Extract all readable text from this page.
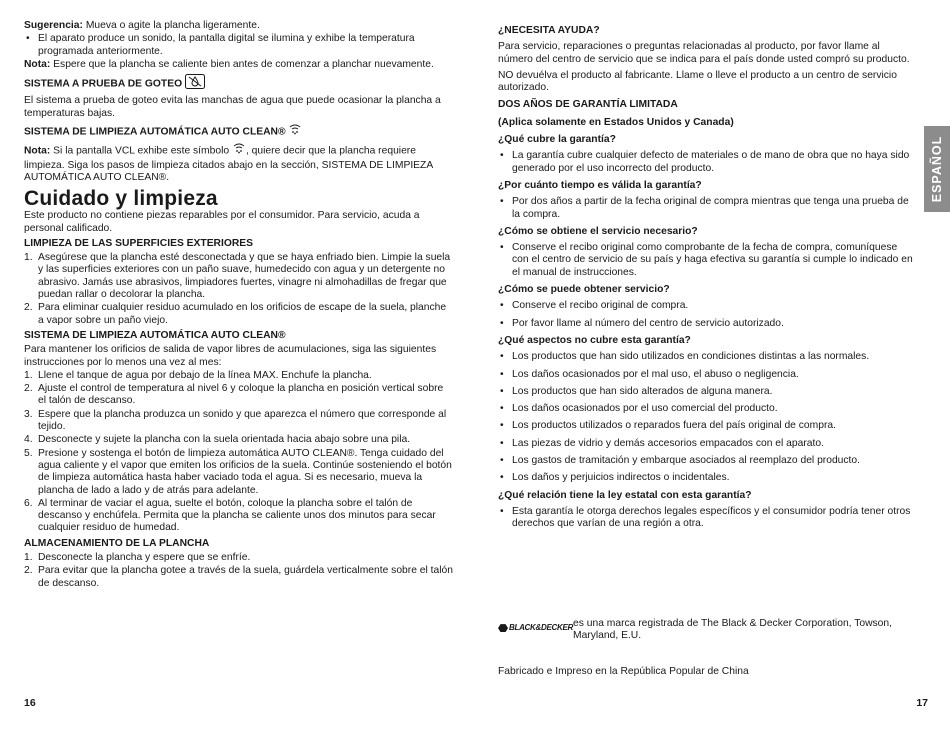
Sugerencia: Mueva o agite la plancha ligeramente.

• El aparato produce un sonido, la pantalla digital se ilumina y exhibe la temperatura programada anteriormente.

Nota: Espere que la plancha se caliente bien antes de comenzar a planchar nuevamente.

SISTEMA A PRUEBA DE GOTEO

El sistema a prueba de goteo evita las manchas de agua que puede ocasionar la plancha a temperaturas bajas.

SISTEMA DE LIMPIEZA AUTOMÁTICA AUTO CLEAN®

Nota: Si la pantalla VCL exhibe este símbolo , quiere decir que la plancha requiere limpieza. Siga los pasos de limpieza citados abajo en la sección, SISTEMA DE LIMPIEZA AUTOMÁTICA AUTO CLEAN®.

Cuidado y limpieza

Este producto no contiene piezas reparables por el consumidor. Para servicio, acuda a personal calificado.

LIMPIEZA DE LAS SUPERFICIES EXTERIORES

1. Asegúrese que la plancha esté desconectada y que se haya enfriado bien. Limpie la suela y las superficies exteriores con un paño suave, humedecido con agua y un detergente no abrasivo. Jamás use abrasivos, limpiadores fuertes, vinagre ni almohadillas de fregar que puedan rallar o decolorar la plancha.
2. Para eliminar cualquier residuo acumulado en los orificios de escape de la suela, planche a vapor sobre un paño viejo.

SISTEMA DE LIMPIEZA AUTOMÁTICA AUTO CLEAN®

Para mantener los orificios de salida de vapor libres de acumulaciones, siga las siguientes instrucciones por lo menos una vez al mes:

1. Llene el tanque de agua por debajo de la línea MAX. Enchufe la plancha.
2. Ajuste el control de temperatura al nivel 6 y coloque la plancha en posición vertical sobre el talón de descanso.
3. Espere que la plancha produzca un sonido y que aparezca el número que corresponde al tejido.
4. Desconecte y sujete la plancha con la suela orientada hacia abajo sobre una pila.
5. Presione y sostenga el botón de limpieza automática AUTO CLEAN®. Tenga cuidado del agua caliente y el vapor que emiten los orificios de la suela. Continúe sosteniendo el botón de limpieza automática hasta haber vaciado toda el agua. Si es necesario, mueva la plancha de lado a lado y de atrás para adelante.
6. Al terminar de vaciar el agua, suelte el botón, coloque la plancha sobre el talón de descanso y enchúfela. Permita que la plancha se caliente unos dos minutos para secar cualquier residuo de humedad.

ALMACENAMIENTO DE LA PLANCHA

1. Desconecte la plancha y espere que se enfríe.
2. Para evitar que la plancha gotee a través de la suela, guárdela verticalmente sobre el talón de descanso.
16

¿NECESITA AYUDA?

Para servicio, reparaciones o preguntas relacionadas al producto, por favor llame al número del centro de servicio que se indica para el país donde usted compró su producto.

NO devuélva el producto al fabricante. Llame o lleve el producto a un centro de servicio autorizado.

DOS AÑOS DE GARANTÍA LIMITADA

(Aplica solamente en Estados Unidos y Canada)

¿Qué cubre la garantía?

• La garantía cubre cualquier defecto de materiales o de mano de obra que no haya sido generado por el uso incorrecto del producto.

¿Por cuánto tiempo es válida la garantía?

• Por dos años a partir de la fecha original de compra mientras que tenga una prueba de la compra.

¿Cómo se obtiene el servicio necesario?

• Conserve el recibo original como comprobante de la fecha de compra, comuníquese con el centro de servicio de su país y haga efectiva su garantía si cumple lo indicado en el manual de instrucciones.

¿Cómo se puede obtener servicio?

• Conserve el recibo original de compra.
• Por favor llame al número del centro de servicio autorizado.

¿Qué aspectos no cubre esta garantía?

• Los productos que han sido utilizados en condiciones distintas a las normales.
• Los daños ocasionados por el mal uso, el abuso o negligencia.
• Los productos que han sido alterados de alguna manera.
• Los daños ocasionados por el uso comercial del producto.
• Los productos utilizados o reparados fuera del país original de compra.
• Las piezas de vidrio y demás accesorios empacados con el aparato.
• Los gastos de tramitación y embarque asociados al reemplazo del producto.
• Los daños y perjuicios indirectos o incidentales.

¿Qué relación tiene la ley estatal con esta garantía?

• Esta garantía le otorga derechos legales específicos y el consumidor podría tener otros derechos que varían de una región a otra.
BLACK&DECKER es una marca registrada de The Black & Decker Corporation, Towson, Maryland, E.U.
Fabricado e Impreso en la República Popular de China
ESPAÑOL
17
